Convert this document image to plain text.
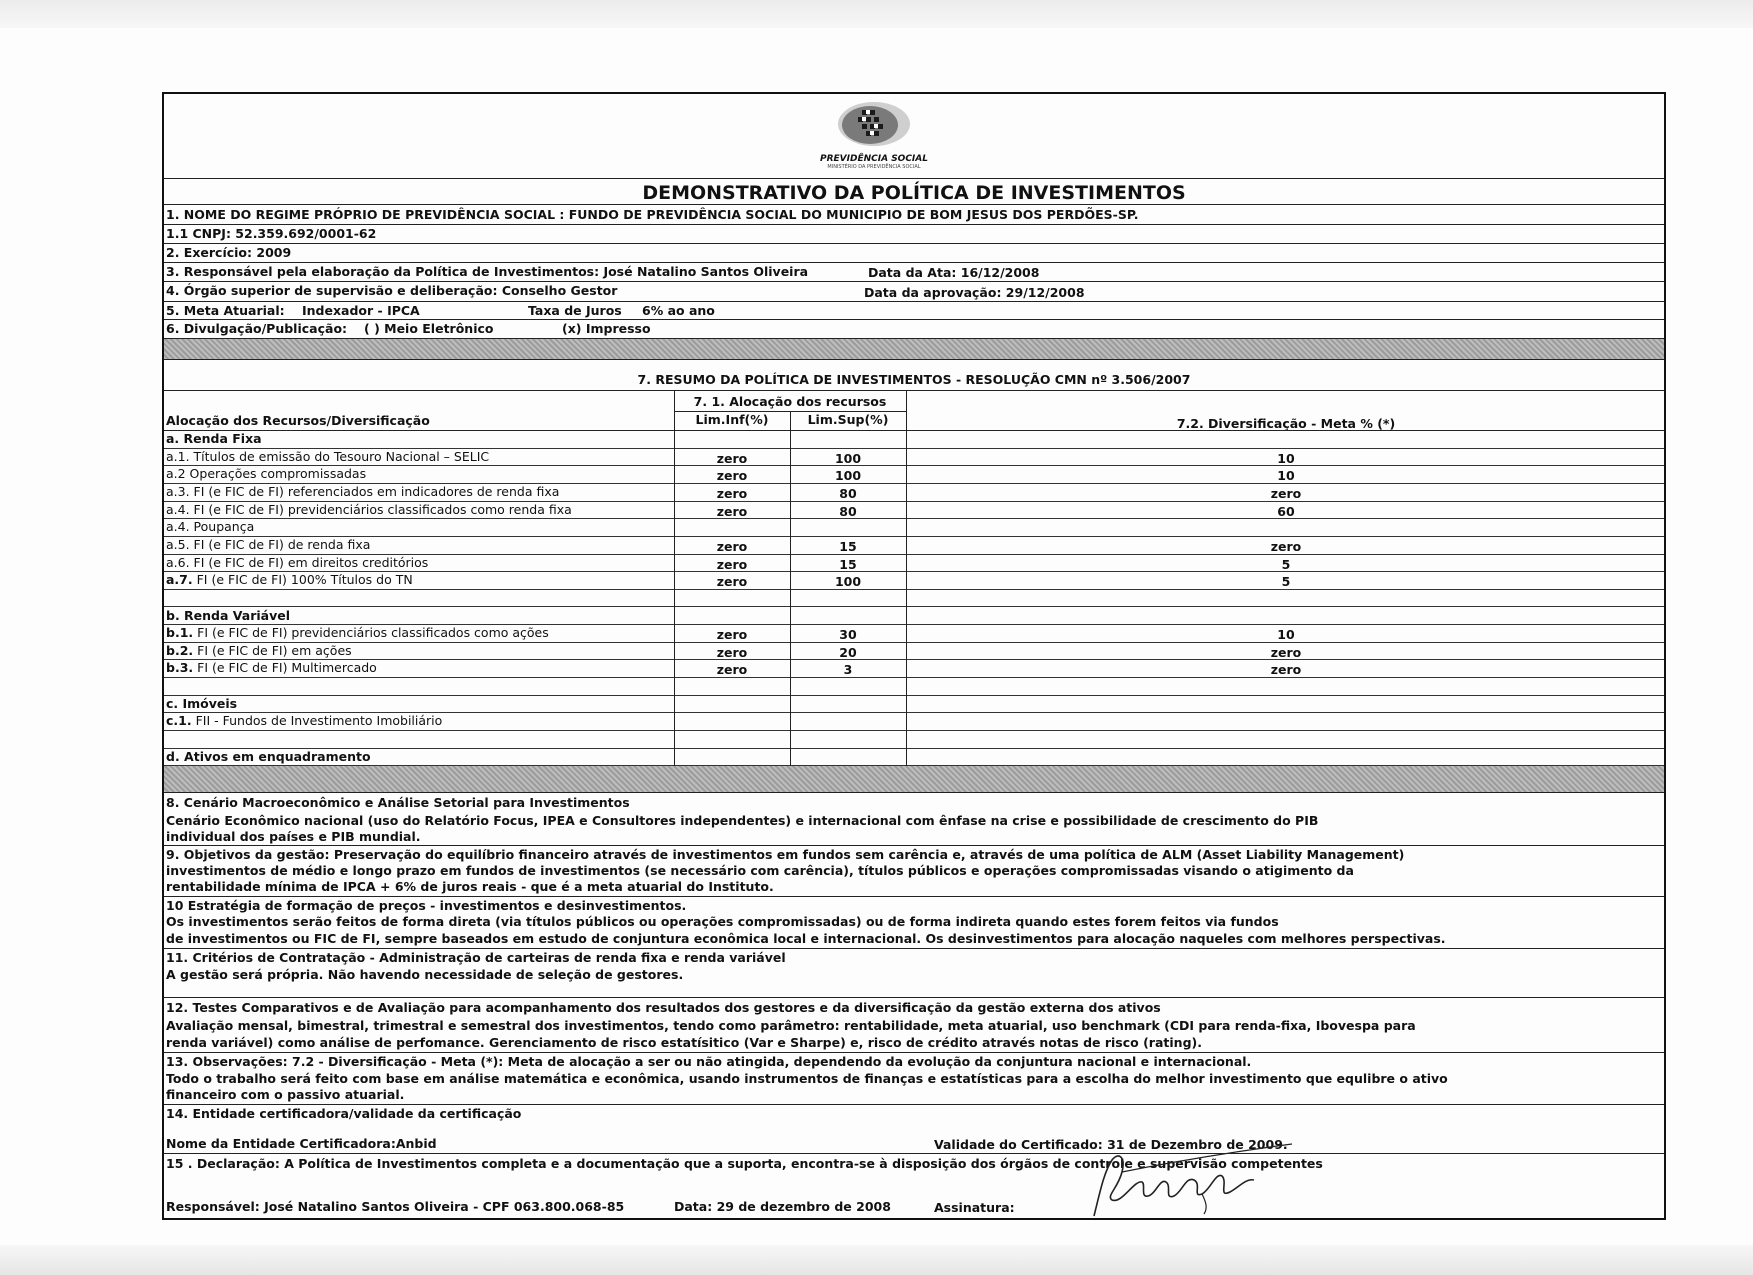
PREVIDÊNCIA SOCIAL
MINISTÉRIO DA PREVIDÊNCIA SOCIAL
DEMONSTRATIVO DA POLÍTICA DE INVESTIMENTOS
1. NOME DO REGIME PRÓPRIO DE PREVIDÊNCIA SOCIAL : FUNDO DE PREVIDÊNCIA SOCIAL DO MUNICIPIO DE BOM JESUS DOS PERDÕES-SP.
1.1 CNPJ: 52.359.692/0001-62
2. Exercício: 2009
3. Responsável pela elaboração da Política de Investimentos: José Natalino Santos Oliveira	Data da Ata: 16/12/2008
4. Órgão superior de supervisão e deliberação: Conselho Gestor	Data da aprovação: 29/12/2008
5. Meta Atuarial: Indexador - IPCA	Taxa de Juros 6% ao ano
6. Divulgação/Publicação: ( ) Meio Eletrônico	(x) Impresso
7. RESUMO DA POLÍTICA DE INVESTIMENTOS - RESOLUÇÃO CMN nº 3.506/2007
7. 1. Alocação dos recursos
Alocação dos Recursos/Diversificação	Lim.Inf(%)	Lim.Sup(%)	7.2. Diversificação - Meta % (*)
a. Renda Fixa
a.1. Títulos de emissão do Tesouro Nacional – SELIC	zero	100	10
a.2 Operações compromissadas	zero	100	10
a.3. FI (e FIC de FI) referenciados em indicadores de renda fixa	zero	80	zero
a.4. FI (e FIC de FI) previdenciários classificados como renda fixa	zero	80	60
a.4. Poupança
a.5. FI (e FIC de FI) de renda fixa	zero	15	zero
a.6. FI (e FIC de FI) em direitos creditórios	zero	15	5
a.7. FI (e FIC de FI) 100% Títulos do TN	zero	100	5
b. Renda Variável
b.1. FI (e FIC de FI) previdenciários classificados como ações	zero	30	10
b.2. FI (e FIC de FI) em ações	zero	20	zero
b.3. FI (e FIC de FI) Multimercado	zero	3	zero
c. Imóveis
c.1. FII - Fundos de Investimento Imobiliário
d. Ativos em enquadramento
8. Cenário Macroeconômico e Análise Setorial para Investimentos
Cenário Econômico nacional (uso do Relatório Focus, IPEA e Consultores independentes) e internacional com ênfase na crise e possibilidade de crescimento do PIB
individual dos países e PIB mundial.
9. Objetivos da gestão: Preservação do equilíbrio financeiro através de investimentos em fundos sem carência e, através de uma política de ALM (Asset Liability Management)
investimentos de médio e longo prazo em fundos de investimentos (se necessário com carência), títulos públicos e operações compromissadas visando o atigimento da
rentabilidade mínima de IPCA + 6% de juros reais - que é a meta atuarial do Instituto.
10 Estratégia de formação de preços - investimentos e desinvestimentos.
Os investimentos serão feitos de forma direta (via títulos públicos ou operações compromissadas) ou de forma indireta quando estes forem feitos via fundos
de investimentos ou FIC de FI, sempre baseados em estudo de conjuntura econômica local e internacional. Os desinvestimentos para alocação naqueles com melhores perspectivas.
11. Critérios de Contratação - Administração de carteiras de renda fixa e renda variável
A gestão será própria. Não havendo necessidade de seleção de gestores.
12. Testes Comparativos e de Avaliação para acompanhamento dos resultados dos gestores e da diversificação da gestão externa dos ativos
Avaliação mensal, bimestral, trimestral e semestral dos investimentos, tendo como parâmetro: rentabilidade, meta atuarial, uso benchmark (CDI para renda-fixa, Ibovespa para
renda variável) como análise de perfomance. Gerenciamento de risco estatísitico (Var e Sharpe) e, risco de crédito através notas de risco (rating).
13. Observações: 7.2 - Diversificação - Meta (*): Meta de alocação a ser ou não atingida, dependendo da evolução da conjuntura nacional e internacional.
Todo o trabalho será feito com base em análise matemática e econômica, usando instrumentos de finanças e estatísticas para a escolha do melhor investimento que equlibre o ativo
financeiro com o passivo atuarial.
14. Entidade certificadora/validade da certificação
Nome da Entidade Certificadora:Anbid	Validade do Certificado: 31 de Dezembro de 2009.
15 . Declaração: A Política de Investimentos completa e a documentação que a suporta, encontra-se à disposição dos órgãos de controle e supervisão competentes
Responsável: José Natalino Santos Oliveira - CPF 063.800.068-85	Data: 29 de dezembro de 2008	Assinatura:
